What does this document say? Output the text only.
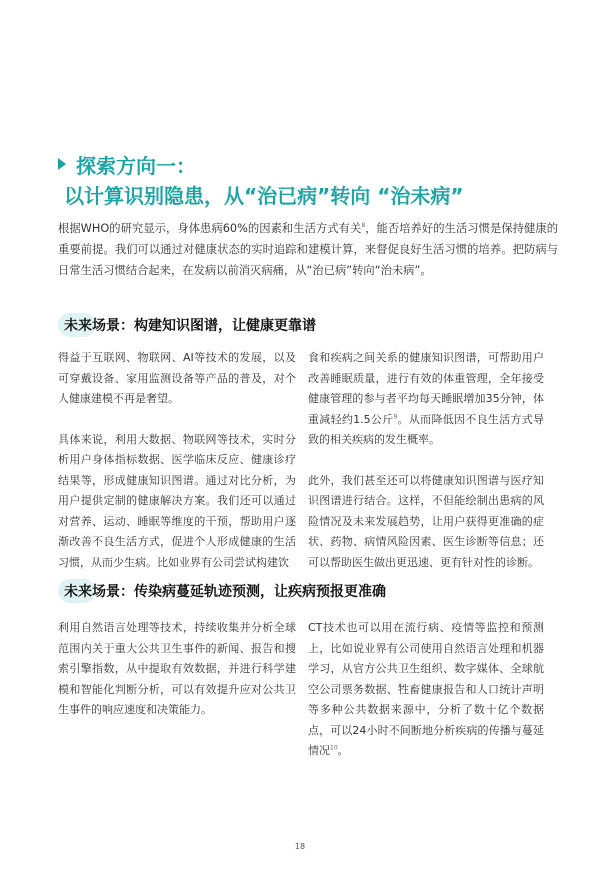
探索方向一：
以计算识别隐患，从“治已病”转向 “治未病”
根据WHO的研究显示，身体患病60%的因素和生活方式有关$^8$，能否培养好的生活习惯是保持健康的重要前提。我们可以通过对健康状态的实时追踪和建模计算，来督促良好生活习惯的培养。把防病与日常生活习惯结合起来，在发病以前消灭病痛，从“治已病”转向“治未病”。
未来场景：构建知识图谱，让健康更靠谱

得益于互联网、物联网、AI等技术的发展，以及可穿戴设备、家用监测设备等产品的普及，对个人健康建模不再是奢望。

具体来说，利用大数据、物联网等技术，实时分析用户身体指标数据、医学临床反应、健康诊疗结果等，形成健康知识图谱。通过对比分析，为用户提供定制的健康解决方案。我们还可以通过对营养、运动、睡眠等维度的干预，帮助用户逐渐改善不良生活方式，促进个人形成健康的生活习惯，从而少生病。比如业界有公司尝试构建饮

食和疾病之间关系的健康知识图谱，可帮助用户改善睡眠质量，进行有效的体重管理，全年接受健康管理的参与者平均每天睡眠增加35分钟，体重减轻约1.5公斤$^9$。从而降低因不良生活方式导致的相关疾病的发生概率。

此外，我们甚至还可以将健康知识图谱与医疗知识图谱进行结合。这样，不但能绘制出患病的风险情况及未来发展趋势，让用户获得更准确的症状、药物、病情风险因素、医生诊断等信息；还可以帮助医生做出更迅速、更有针对性的诊断。

未来场景：传染病蔓延轨迹预测，让疾病预报更准确

利用自然语言处理等技术，持续收集并分析全球范围内关于重大公共卫生事件的新闻、报告和搜索引擎指数，从中提取有效数据，并进行科学建模和智能化判断分析，可以有效提升应对公共卫生事件的响应速度和决策能力。

CT技术也可以用在流行病、疫情等监控和预测上，比如说业界有公司使用自然语言处理和机器学习，从官方公共卫生组织、数字媒体、全球航空公司票务数据、牲畜健康报告和人口统计声明等多种公共数据来源中，分析了数十亿个数据点，可以24小时不间断地分析疾病的传播与蔓延情况$^{10}$。

18
